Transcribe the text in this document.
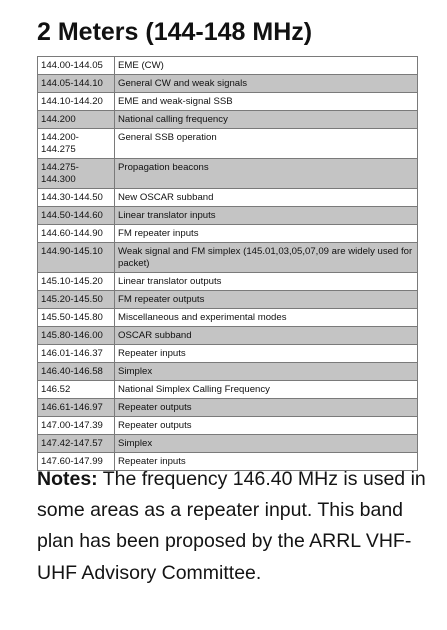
2 Meters (144-148 MHz)
144.00-144.05	EME (CW)
144.05-144.10	General CW and weak signals
144.10-144.20	EME and weak-signal SSB
144.200	National calling frequency
144.200-144.275	General SSB operation
144.275-144.300	Propagation beacons
144.30-144.50	New OSCAR subband
144.50-144.60	Linear translator inputs
144.60-144.90	FM repeater inputs
144.90-145.10	Weak signal and FM simplex (145.01,03,05,07,09 are widely used for packet)
145.10-145.20	Linear translator outputs
145.20-145.50	FM repeater outputs
145.50-145.80	Miscellaneous and experimental modes
145.80-146.00	OSCAR subband
146.01-146.37	Repeater inputs
146.40-146.58	Simplex
146.52	National Simplex Calling Frequency
146.61-146.97	Repeater outputs
147.00-147.39	Repeater outputs
147.42-147.57	Simplex
147.60-147.99	Repeater inputs

Notes: The frequency 146.40 MHz is used in some areas as a repeater input. This band plan has been proposed by the ARRL VHF-UHF Advisory Committee.
